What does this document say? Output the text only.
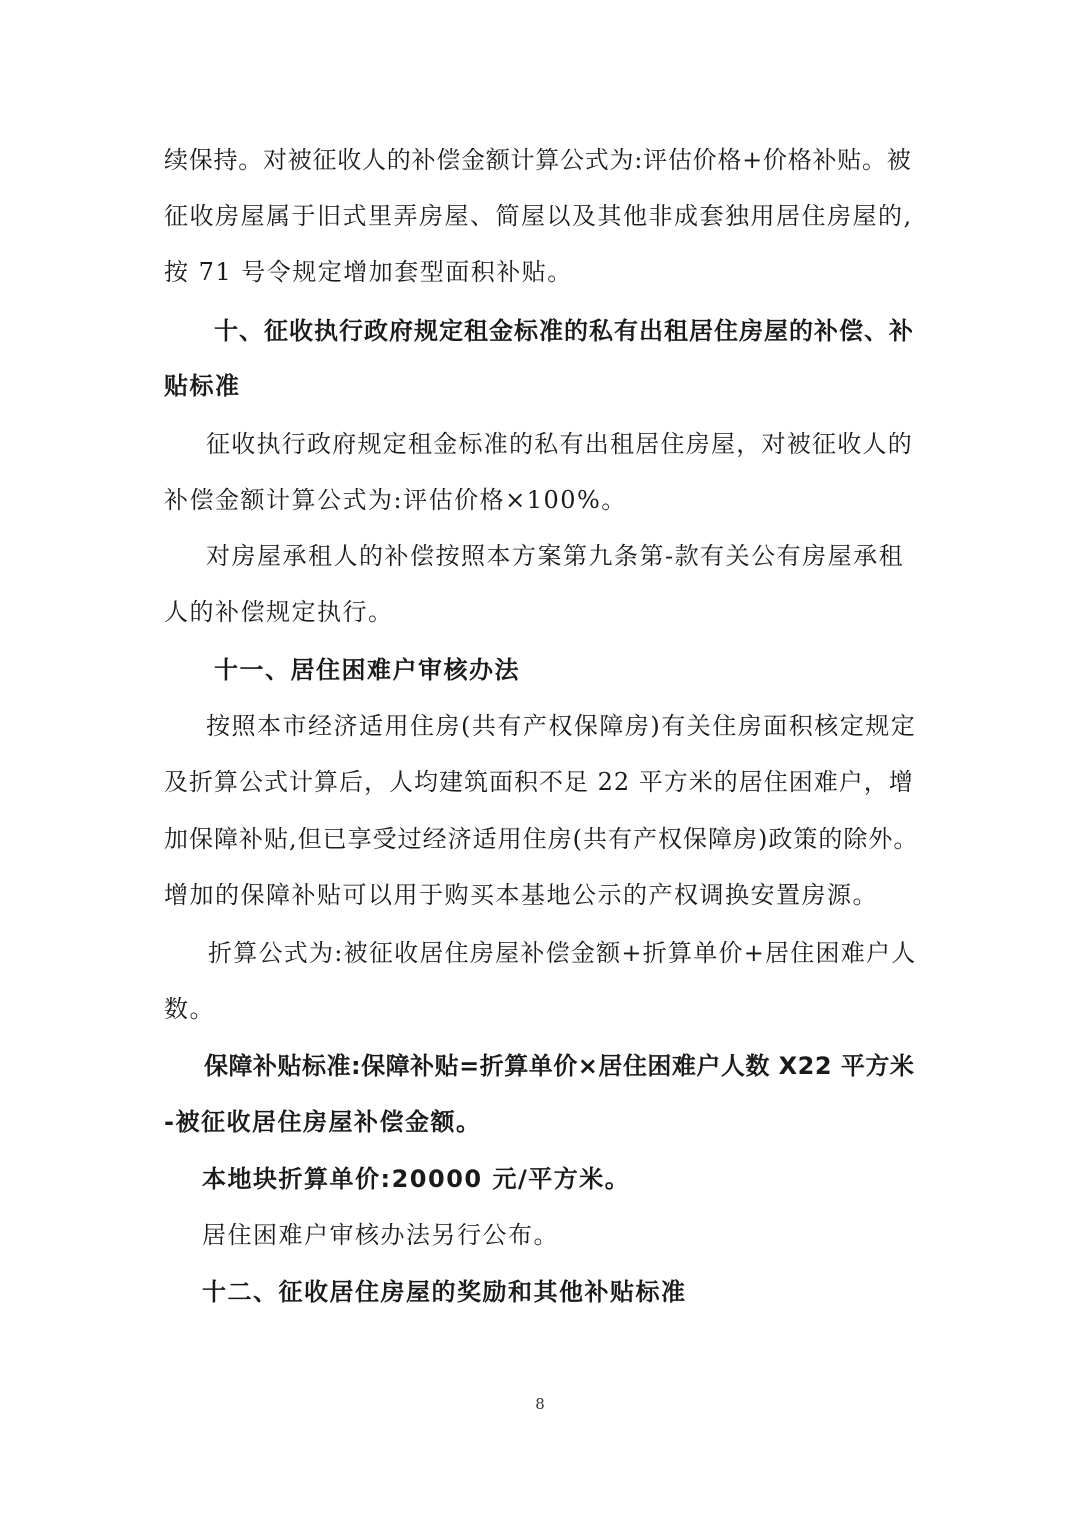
续保持。对被征收人的补偿金额计算公式为:评估价格+价格补贴。被
征收房屋属于旧式里弄房屋、简屋以及其他非成套独用居住房屋的,
按 71 号令规定增加套型面积补贴。
十、征收执行政府规定租金标准的私有出租居住房屋的补偿、补
贴标准
征收执行政府规定租金标准的私有出租居住房屋，对被征收人的
补偿金额计算公式为:评估价格×100%。
对房屋承租人的补偿按照本方案第九条第-款有关公有房屋承租
人的补偿规定执行。
十一、居住困难户审核办法
按照本市经济适用住房(共有产权保障房)有关住房面积核定规定
及折算公式计算后，人均建筑面积不足 22 平方米的居住困难户，增
加保障补贴,但已享受过经济适用住房(共有产权保障房)政策的除外。
增加的保障补贴可以用于购买本基地公示的产权调换安置房源。
折算公式为:被征收居住房屋补偿金额+折算单价+居住困难户人
数。
保障补贴标准:保障补贴=折算单价×居住困难户人数 X22 平方米
-被征收居住房屋补偿金额。
本地块折算单价:20000 元/平方米。
居住困难户审核办法另行公布。
十二、征收居住房屋的奖励和其他补贴标准
8
